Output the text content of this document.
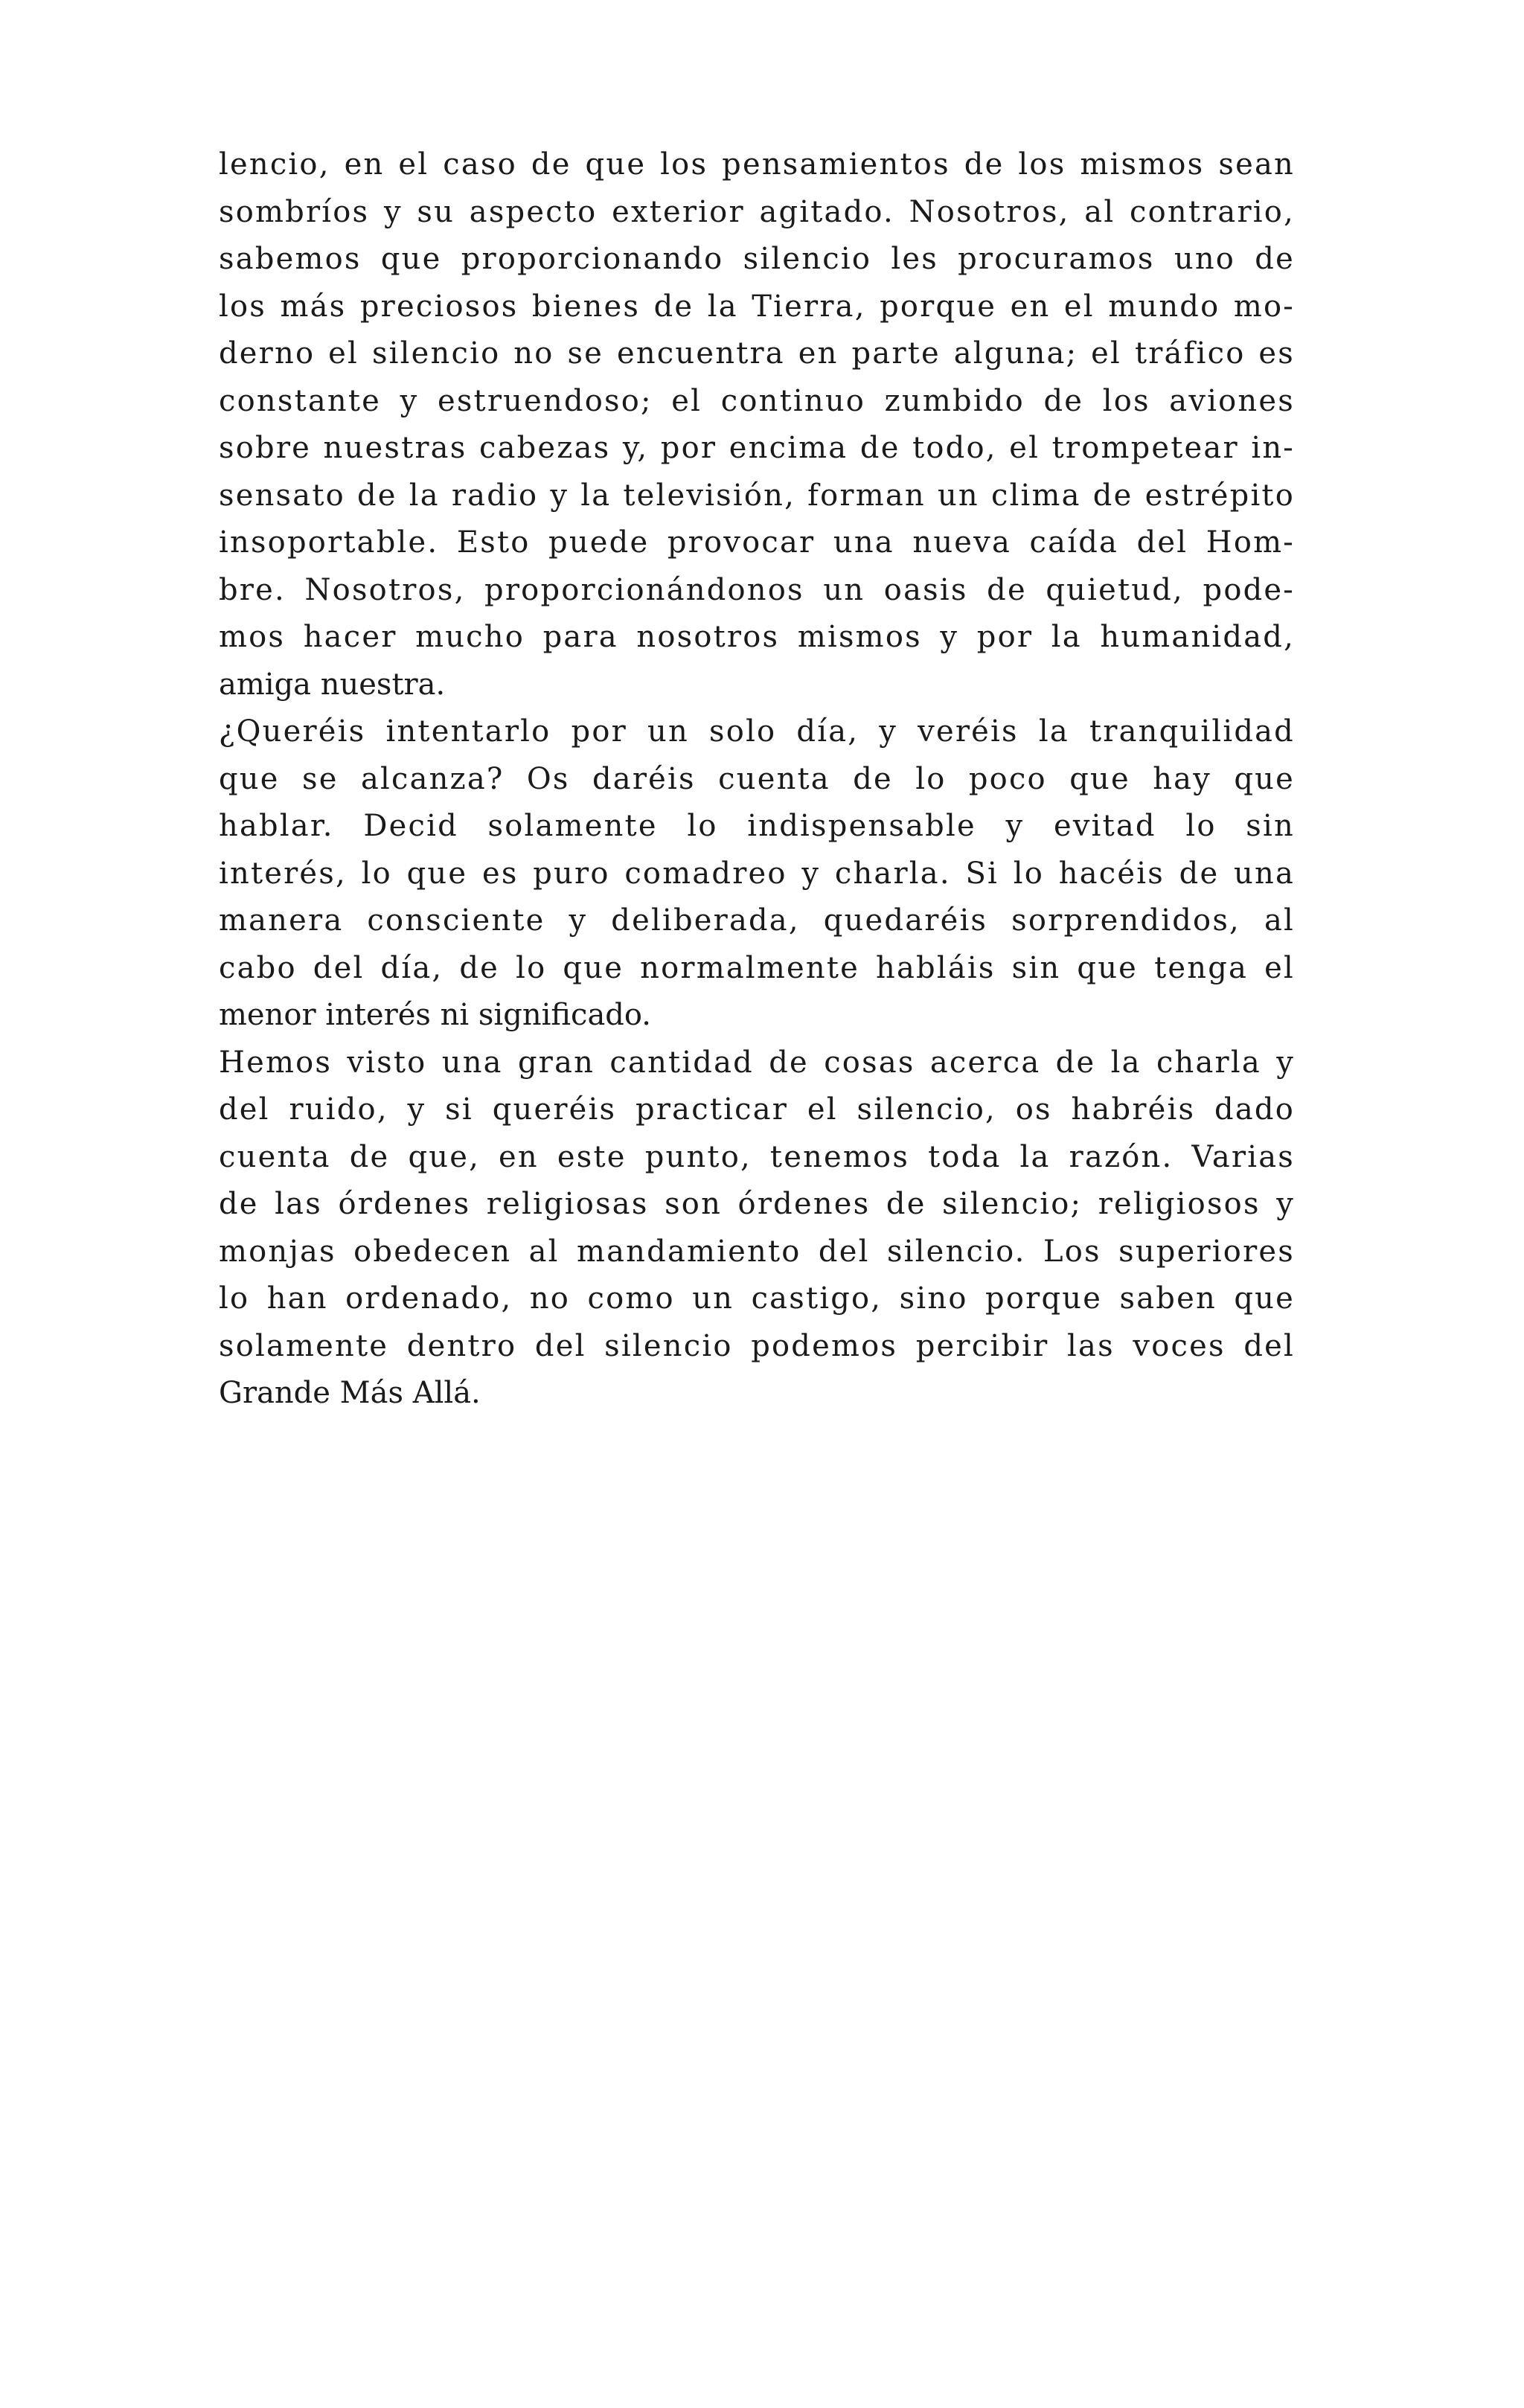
lencio, en el caso de que los pensamientos de los mismos sean
sombríos y su aspecto exterior agitado. Nosotros, al contrario,
sabemos que proporcionando silencio les procuramos uno de
los más preciosos bienes de la Tierra, porque en el mundo mo-
derno el silencio no se encuentra en parte alguna; el tráfico es
constante y estruendoso; el continuo zumbido de los aviones
sobre nuestras cabezas y, por encima de todo, el trompetear in-
sensato de la radio y la televisión, forman un clima de estrépito
insoportable. Esto puede provocar una nueva caída del Hom-
bre. Nosotros, proporcionándonos un oasis de quietud, pode-
mos hacer mucho para nosotros mismos y por la humanidad,
amiga nuestra.
¿Queréis intentarlo por un solo día, y veréis la tranquilidad
que se alcanza? Os daréis cuenta de lo poco que hay que
hablar. Decid solamente lo indispensable y evitad lo sin
interés, lo que es puro comadreo y charla. Si lo hacéis de una
manera consciente y deliberada, quedaréis sorprendidos, al
cabo del día, de lo que normalmente habláis sin que tenga el
menor interés ni significado.
Hemos visto una gran cantidad de cosas acerca de la charla y
del ruido, y si queréis practicar el silencio, os habréis dado
cuenta de que, en este punto, tenemos toda la razón. Varias
de las órdenes religiosas son órdenes de silencio; religiosos y
monjas obedecen al mandamiento del silencio. Los superiores
lo han ordenado, no como un castigo, sino porque saben que
solamente dentro del silencio podemos percibir las voces del
Grande Más Allá.
